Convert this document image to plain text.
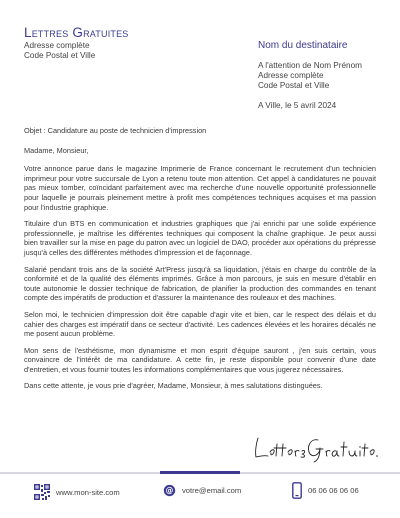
Lettres Gratuites
Adresse complète
Code Postal et Ville
Nom du destinataire
A l'attention de Nom Prénom
Adresse complète
Code Postal et Ville
A Ville, le 5 avril 2024

Objet : Candidature au poste de technicien d'impression

Madame, Monsieur,

Votre annonce parue dans le magazine Imprimerie de France concernant le recrutement d'un technicien imprimeur pour votre succursale de Lyon a retenu toute mon attention. Cet appel à candidatures ne pouvait pas mieux tomber, coïncidant parfaitement avec ma recherche d'une nouvelle opportunité professionnelle pour laquelle je pourrais pleinement mettre à profit mes compétences techniques acquises et ma passion pour l'industrie graphique.

Titulaire d'un BTS en communication et industries graphiques que j'ai enrichi par une solide expérience professionnelle, je maîtrise les différentes techniques qui composent la chaîne graphique. Je peux aussi bien travailler sur la mise en page du patron avec un logiciel de DAO, procéder aux opérations du prépresse jusqu'à celles des différentes méthodes d'impression et de façonnage.

Salarié pendant trois ans de la société Art'Press jusqu'à sa liquidation, j'étais en charge du contrôle de la conformité et de la qualité des éléments imprimés. Grâce à mon parcours, je suis en mesure d'établir en toute autonomie le dossier technique de fabrication, de planifier la production des commandes en tenant compte des impératifs de production et d'assurer la maintenance des rouleaux et des machines.

Selon moi, le technicien d'impression doit être capable d'agir vite et bien, car le respect des délais et du cahier des charges est impératif dans ce secteur d'activité. Les cadences élevées et les horaires décalés ne me posent aucun problème.

Mon sens de l'esthétisme, mon dynamisme et mon esprit d'équipe sauront , j'en suis certain, vous convaincre de l'intérêt de ma candidature. A cette fin, je reste disponible pour convenir d'une date d'entretien, et vous fournir toutes les informations complémentaires que vous jugerez nécessaires.

Dans cette attente, je vous prie d'agréer, Madame, Monsieur, à mes salutations distinguées.

www.mon-site.com	@ votre@email.com	06 06 06 06 06
